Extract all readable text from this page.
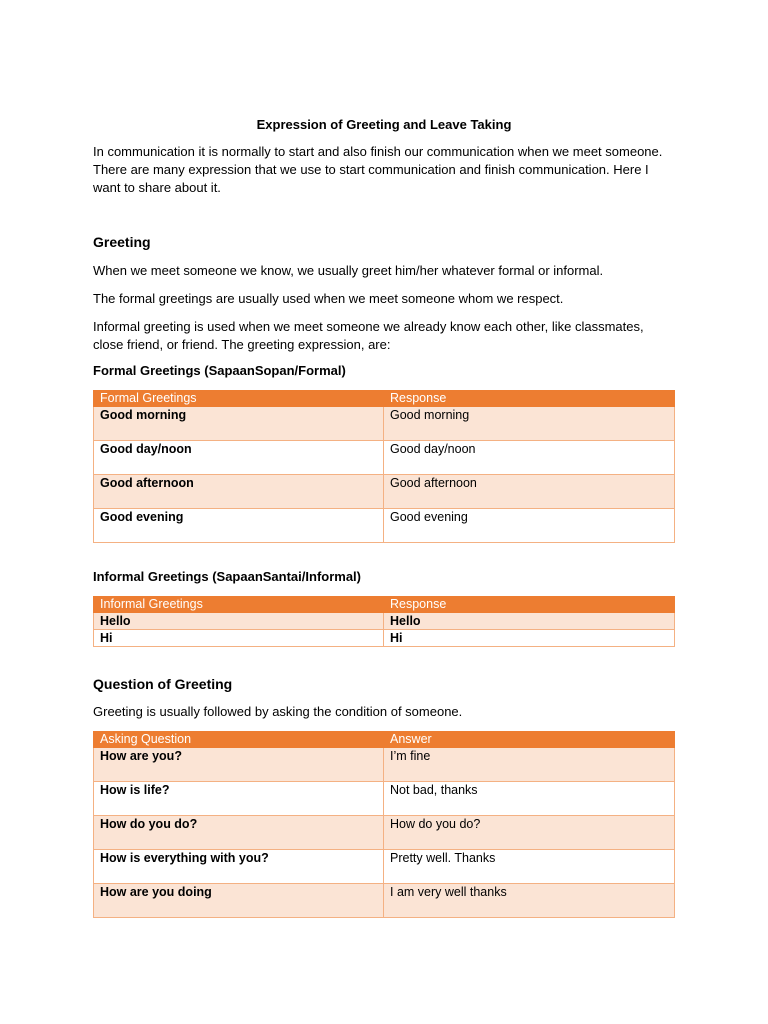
Expression of Greeting and Leave Taking
In communication it is normally to start and also finish our communication when we meet someone. There are many expression that we use to start communication and finish communication. Here I want to share about it.
Greeting
When we meet someone we know, we usually greet him/her whatever formal or informal.
The formal greetings are usually used when we meet someone whom we respect.
Informal greeting is used when we meet someone we already know each other, like classmates, close friend, or friend. The greeting expression, are:
Formal Greetings (SapaanSopan/Formal)
Formal Greetings	Response
Good morning	Good morning
Good day/noon	Good day/noon
Good afternoon	Good afternoon
Good evening	Good evening
Informal Greetings (SapaanSantai/Informal)
Informal Greetings	Response
Hello	Hello
Hi	Hi
Question of Greeting
Greeting is usually followed by asking the condition of someone.
Asking Question	Answer
How are you?	I’m fine
How is life?	Not bad, thanks
How do you do?	How do you do?
How is everything with you?	Pretty well. Thanks
How are you doing	I am very well thanks
